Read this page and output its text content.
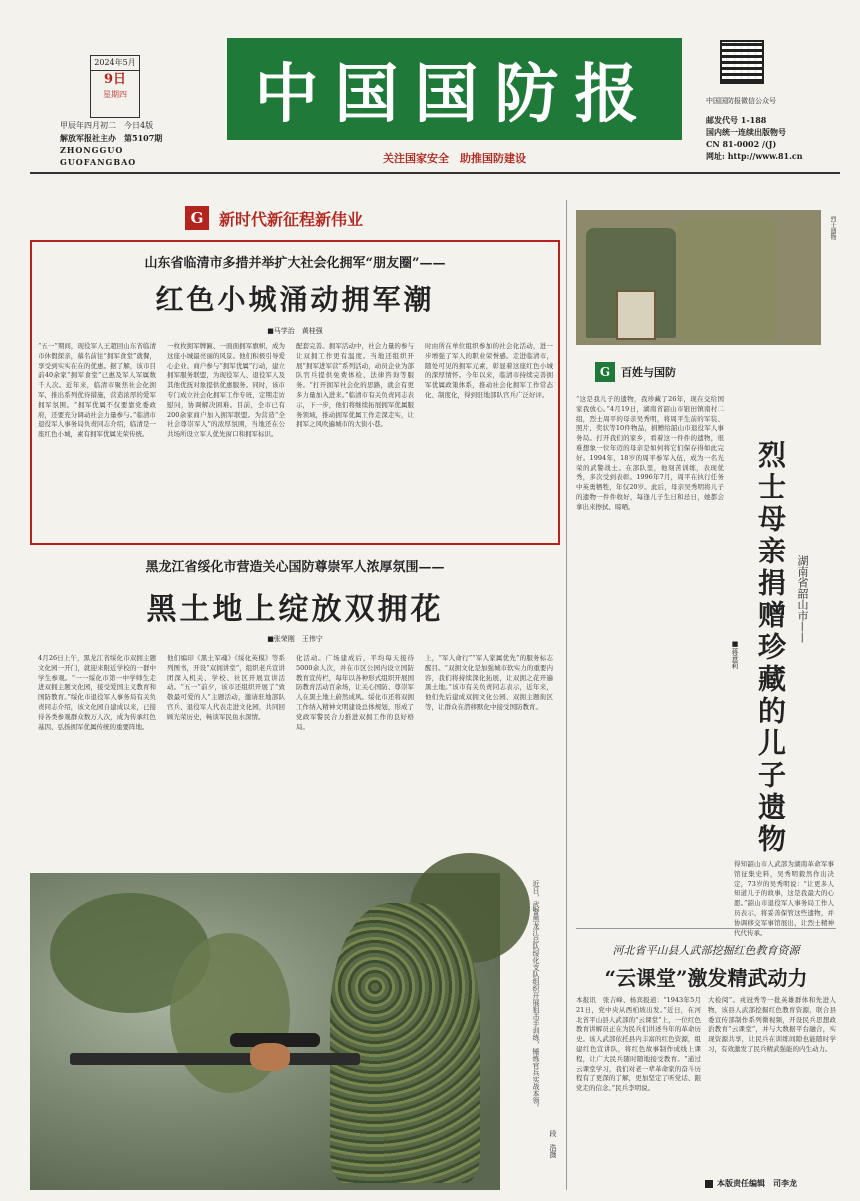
2024年5月
9日
星期四
甲辰年四月初二　 今日4版
解放军报社主办　 第5107期
ZHONGGUO GUOFANGBAO
中国国防报
关注国家安全　助推国防建设
中国国防报微信公众号
邮发代号 1-188
国内统一连续出版物号
CN 81-0002 /(J)
网址: http://www.81.cn
G 新时代新征程新伟业
山东省临清市多措并举扩大社会化拥军“朋友圈”——
红色小城涌动拥军潮
■马学治　黄桂强
“五一”期间，现役军人王超回山东省临清市休假探亲，慕名前往“拥军食堂”就餐，享受到实实在在的优惠。据了解，该市目前40余家“拥军食堂”已惠及军人军属数千人次。近年来，临清市聚焦社会化拥军，推出系列优待措施，营造浓厚的爱军拥军氛围。“拥军优属不仅要靠党委政府，还要充分调动社会力量参与。”临清市退役军人事务局负责同志介绍，临清是一座红色小城，素有拥军优属光荣传统。
一枚枚拥军牌匾、一面面拥军旗帜，成为这座小城最亮丽的风景。他们积极引导爱心企业、商户参与“拥军优属”行动，建立拥军服务联盟，为现役军人、退役军人及其他优抚对象提供优惠服务。同时，该市专门成立社会化拥军工作专班，定期走访慰问，协调解决困难。目前，全市已有200余家商户加入拥军联盟。为营造“全社会尊崇军人”的浓厚氛围，当地还在公共场所设立军人优先窗口和拥军标识。
配套完善。拥军活动中，社会力量的参与让双拥工作更有温度。当地还组织开展“拥军进军营”系列活动，动员企业为部队官兵提供免费体检、法律咨询等服务。“打开拥军社会化的思路，就会有更多力量加入进来。”临清市有关负责同志表示，下一步，他们将继续拓展拥军优属服务领域，推动拥军优属工作走深走实，让拥军之风吹遍城市的大街小巷。
时由所在单位组织参加的社会化活动，进一步增强了军人的职业荣誉感。走进临清市，随处可见的拥军元素，彰显着这座红色小城的深厚情怀。今年以来，临清市持续完善拥军优属政策体系，推动社会化拥军工作常态化、制度化，得到驻地部队官兵广泛好评。
黑龙江省绥化市营造关心国防尊崇军人浓厚氛围——
黑土地上绽放双拥花
■张荣刚　王伟宁
4月26日上午，黑龙江省绥化市双拥主题文化园一开门，就迎来附近学校的一群中学生参观。“一一绥化市第一中学师生走进双拥主题文化园，接受爱国主义教育和国防教育。”绥化市退役军人事务局有关负责同志介绍，该文化园自建成以来，已接待各类参观群众数万人次，成为传承红色基因、弘扬拥军优属传统的重要阵地。
他们编印《黑土军魂》《绥化英模》等系列图书，开设“双拥讲堂”，组织老兵宣讲团深入机关、学校、社区开展宣讲活动。“五一”前夕，该市还组织开展了“致敬最可爱的人”主题活动，邀请驻地部队官兵、退役军人代表走进文化园，共同回顾光荣历史，畅谈军民鱼水深情。
化活动。广场建成后，平均每天接待5000余人次，并在市区公园内设立国防教育宣传栏，每年以各种形式组织开展国防教育活动百余场，让关心国防、尊崇军人在黑土地上蔚然成风。绥化市还将双拥工作纳入精神文明建设总体规划，形成了党政军警民合力推进双拥工作的良好格局。
上，“军人命行”“军人家属优先”的服务标志醒目。“双拥文化是加强城市软实力的重要内容，我们将持续深化拓展，让双拥之花开遍黑土地。”该市有关负责同志表示，近年来，他们先后建成双拥文化公园、双拥主题街区等，让群众在潜移默化中接受国防教育。
近日，武警黑龙江总队绥化支队组织开展狙击手训练，锤炼官兵实战本领。
段　浩摄
烈士遗物
G 百姓与国防
“这是我儿子的遗物，我珍藏了26年，现在交给国家我放心。”4月19日，湖南省韶山市银田镇南村二组，烈士周平的母亲吴秀明，将周平生前的军装、照片、奖状等10件物品，捐赠给韶山市退役军人事务局。打开我们的家乡，看着这一件件的遗物，很难想象一位年迈的母亲是如何将它们保存得如此完好。1994年，18岁的周平参军入伍，成为一名光荣的武警战士。在部队里，他刻苦训练，表现优秀，多次受到表彰。1996年7月，周平在执行任务中英勇牺牲，年仅20岁。此后，母亲吴秀明将儿子的遗物一件件收好，每逢儿子生日和忌日，她都会拿出来擦拭、晾晒。	烈士母亲捐赠珍藏的儿子遗物 湖南省韶山市——
■蒋意莉
得知韶山市人武部为湖南革命军事馆征集史料，吴秀明毅然作出决定，73岁的吴秀明说：“让更多人知道儿子的故事，这是我最大的心愿。”韶山市退役军人事务局工作人员表示，将妥善保管这些遗物，并协调移交军事馆展出，让烈士精神代代传承。
河北省平山县人武部挖掘红色教育资源
“云课堂”激发精武动力
本报讯　张吉峰、杨宾报道：“1943年5月21日，党中央从西柏坡出发。”近日，在河北省平山县人武部的“云课堂”上，一位红色教育讲解员正在为民兵们讲述当年的革命历史。该人武部依托县内丰富的红色资源，组建红色宣讲队，将红色故事制作成线上课程，让广大民兵随时随地接受教育。“通过云课堂学习，我们对老一辈革命家的奋斗历程有了更深的了解，更加坚定了听党话、跟党走的信念。”民兵李明说。
大检阅”。戎冠秀等一批英雄群体和先进人物，该县人武部挖掘红色教育资源，联合县委宣传部制作系列微视频，开设民兵思想政治教育“云课堂”，并与大数据平台融合，实现资源共享，让民兵在训练间隙也能随时学习，有效激发了民兵精武强能的内生动力。
本版责任编辑　司李龙
